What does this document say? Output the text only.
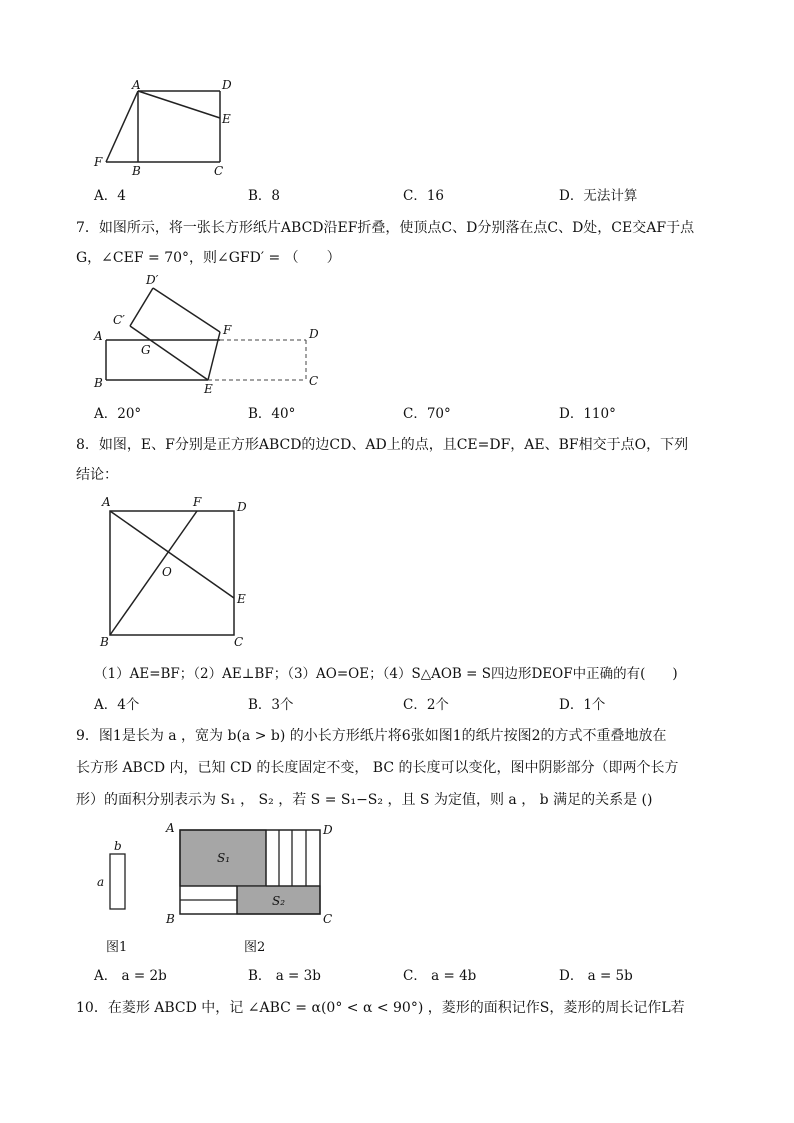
A	D
E
F
B	C
A．4	B．8	C．16	D．无法计算
7．如图所示，将一张长方形纸片ABCD沿EF折叠，使顶点C、D分别落在点C、D处，CE交AF于点
G，∠CEF = 70°，则∠GFD′ = （　　）
D′
C′
F	D
A
G
B	E
C
A．20°	B．40°	C．70°	D．110°
8．如图，E、F分别是正方形ABCD的边CD、AD上的点，且CE=DF，AE、BF相交于点O，下列
结论：
A	F	D
O
E
B	C
（1）AE=BF；（2）AE⊥BF；（3）AO=OE；（4）S△AOB = S四边形DEOF中正确的有(　　)
A．4个	B．3个	C．2个	D．1个
9．图1是长为 a ，宽为 b(a > b) 的小长方形纸片将6张如图1的纸片按图2的方式不重叠地放在
长方形 ABCD 内，已知 CD 的长度固定不变， BC 的长度可以变化，图中阴影部分（即两个长方
形）的面积分别表示为 S₁ ， S₂ ，若 S = S₁−S₂ ，且 S 为定值，则 a ， b 满足的关系是 ()
b
a
A	D
B	C
S₁
S₂
图1	图2
A． a = 2b	B． a = 3b	C． a = 4b	D． a = 5b
10．在菱形 ABCD 中，记 ∠ABC = α(0° < α < 90°) ，菱形的面积记作S，菱形的周长记作L若
